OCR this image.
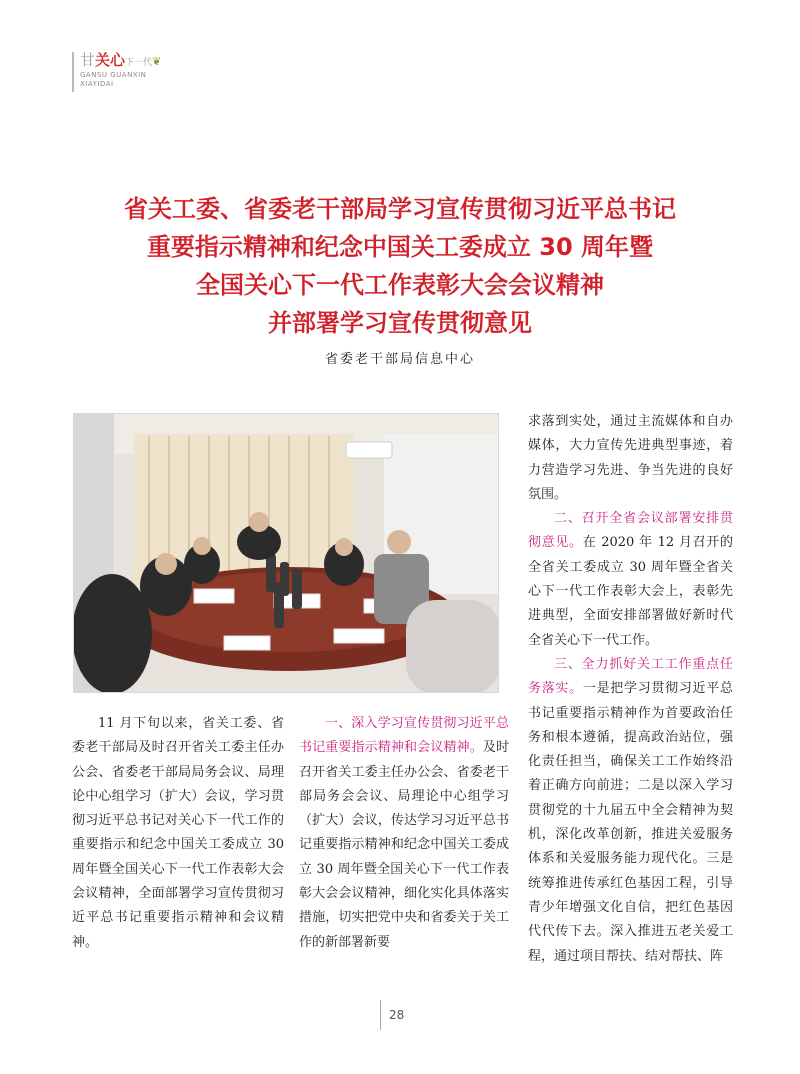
甘关心下一代❦
GANSU GUANXIN
XIAYIDAI
省关工委、省委老干部局学习宣传贯彻习近平总书记
重要指示精神和纪念中国关工委成立 30 周年暨
全国关心下一代工作表彰大会会议精神
并部署学习宣传贯彻意见
省委老干部局信息中心

11 月下旬以来，省关工委、省委老干部局及时召开省关工委主任办公会、省委老干部局局务会议、局理论中心组学习（扩大）会议，学习贯彻习近平总书记对关心下一代工作的重要指示和纪念中国关工委成立 30 周年暨全国关心下一代工作表彰大会会议精神，全面部署学习宣传贯彻习近平总书记重要指示精神和会议精神。

一、深入学习宣传贯彻习近平总书记重要指示精神和会议精神。及时召开省关工委主任办公会、省委老干部局务会会议、局理论中心组学习（扩大）会议，传达学习习近平总书记重要指示精神和纪念中国关工委成立 30 周年暨全国关心下一代工作表彰大会会议精神，细化实化具体落实措施，切实把党中央和省委关于关工作的新部署新要

求落到实处，通过主流媒体和自办媒体，大力宣传先进典型事迹，着力营造学习先进、争当先进的良好氛围。

二、召开全省会议部署安排贯彻意见。在 2020 年 12 月召开的全省关工委成立 30 周年暨全省关心下一代工作表彰大会上，表彰先进典型，全面安排部署做好新时代全省关心下一代工作。

三、全力抓好关工工作重点任务落实。一是把学习贯彻习近平总书记重要指示精神作为首要政治任务和根本遵循，提高政治站位，强化责任担当，确保关工工作始终沿着正确方向前进；二是以深入学习贯彻党的十九届五中全会精神为契机，深化改革创新，推进关爱服务体系和关爱服务能力现代化。三是统筹推进传承红色基因工程，引导青少年增强文化自信，把红色基因代代传下去。深入推进五老关爱工程，通过项目帮扶、结对帮扶、阵

28
